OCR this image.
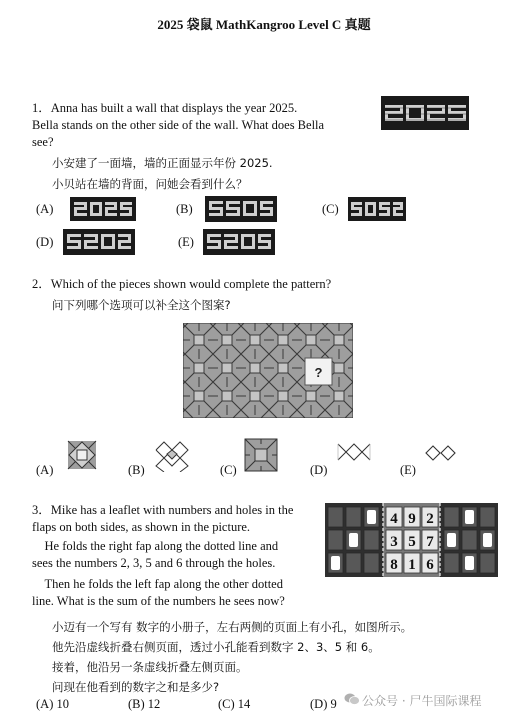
2025 袋鼠 MathKangroo Level C 真题
1．Anna has built a wall that displays the year 2025.
Bella stands on the other side of the wall. What does Bella
see?
小安建了一面墙，墙的正面显示年份 2025.
小贝站在墙的背面，问她会看到什么？
(A)	(B)	(C)
(D)	(E)
2．Which of the pieces shown would complete the pattern?
问下列哪个选项可以补全这个图案?
?
(A)	(B)	(C)	(D)	(E)
3．Mike has a leaflet with numbers and holes in the
flaps on both sides, as shown in the picture.
He folds the right fap along the dotted line and
sees the numbers 2, 3, 5 and 6 through the holes.
Then he folds the left fap along the other dotted
line. What is the sum of the numbers he sees now?
4 9 2
3 5 7
8 1 6
小迈有一个写有 数字的小册子，左右两侧的页面上有小孔，如图所示。
他先沿虚线折叠右侧页面，透过小孔能看到数字 2、3、5 和 6。
接着，他沿另一条虚线折叠左侧页面。
问现在他看到的数字之和是多少?
(A) 10	(B) 12	(C) 14	(D) 9 公众号 · 尸牛国际课程
